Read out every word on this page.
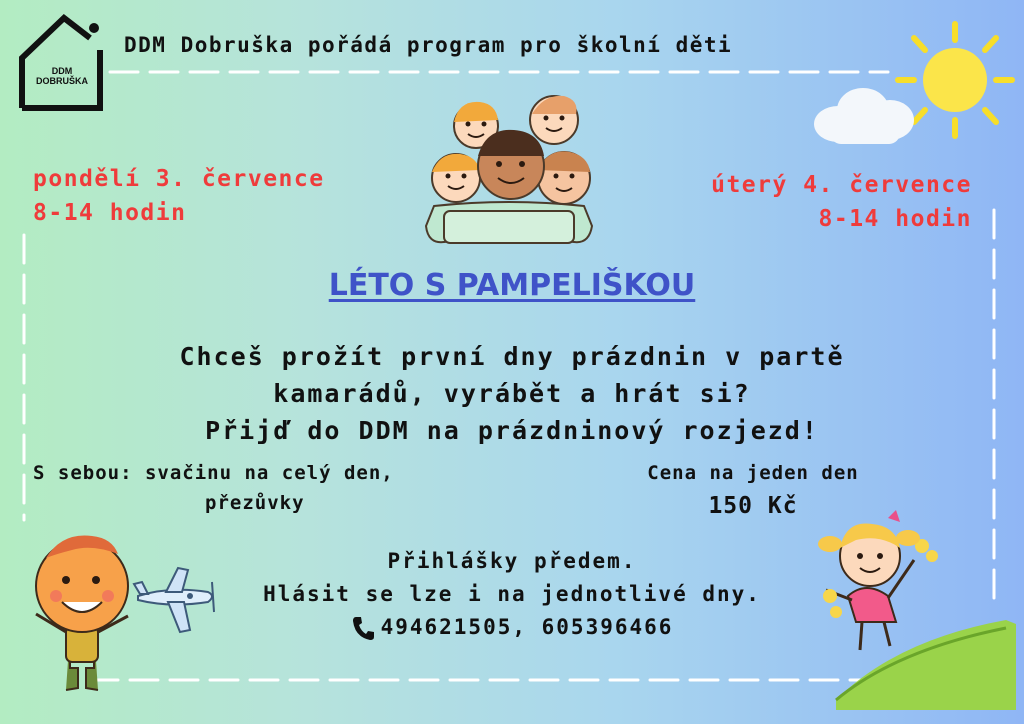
DDM DOBRUŠKA
DDM Dobruška pořádá program pro školní děti
pondělí 3. července
8-14 hodin
úterý 4. července
8-14 hodin
LÉTO S PAMPELIŠKOU
Chceš prožít první dny prázdnin v partě
kamarádů, vyrábět a hrát si?
Přijď do DDM na prázdninový rozjezd!
S sebou: svačinu na celý den,
přezůvky
Cena na jeden den
150 Kč
Přihlášky předem.
Hlásit se lze i na jednotlivé dny.
494621505, 605396466
